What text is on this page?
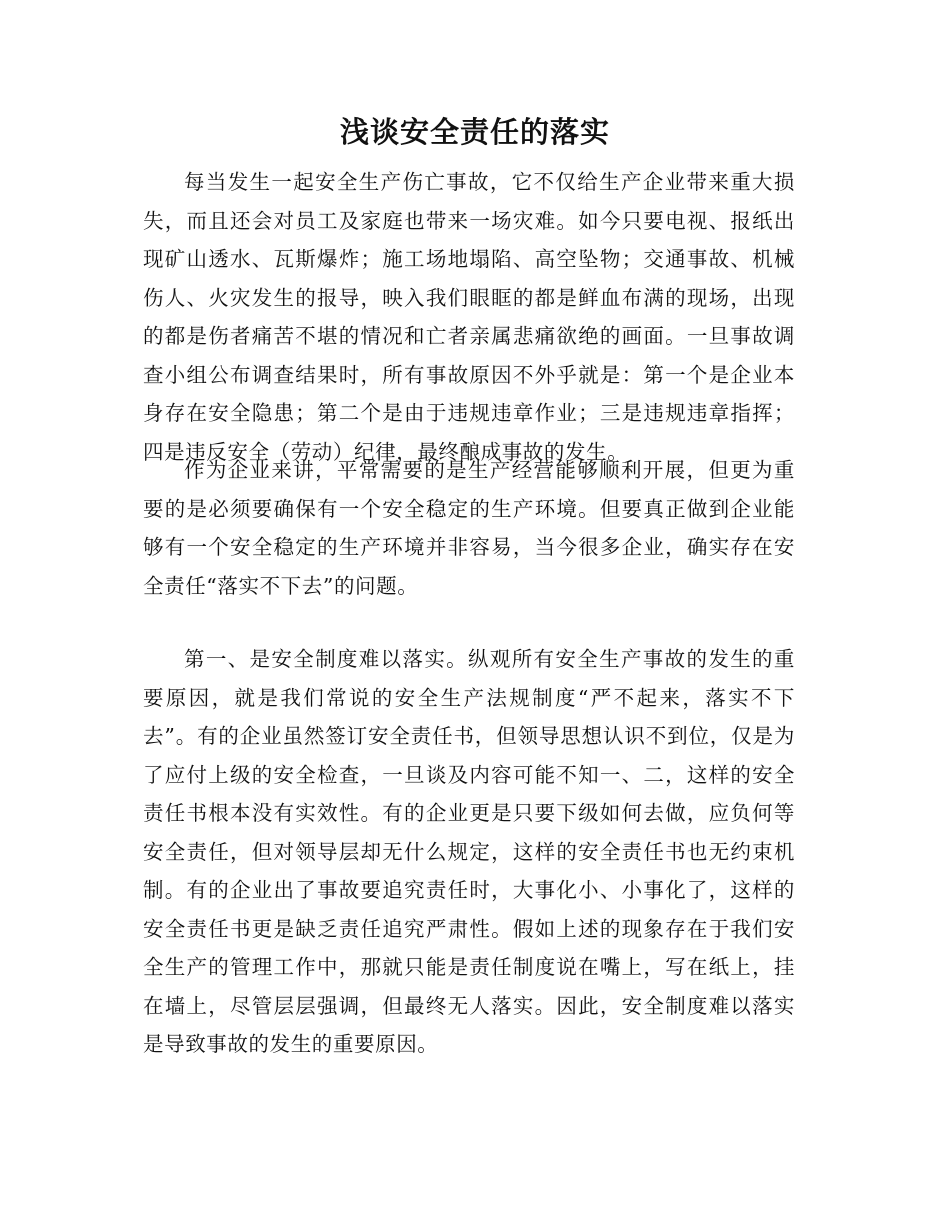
浅谈安全责任的落实

每当发生一起安全生产伤亡事故，它不仅给生产企业带来重大损失，而且还会对员工及家庭也带来一场灾难。如今只要电视、报纸出现矿山透水、瓦斯爆炸；施工场地塌陷、高空坠物；交通事故、机械伤人、火灾发生的报导，映入我们眼眶的都是鲜血布满的现场，出现的都是伤者痛苦不堪的情况和亡者亲属悲痛欲绝的画面。一旦事故调查小组公布调查结果时，所有事故原因不外乎就是：第一个是企业本身存在安全隐患；第二个是由于违规违章作业；三是违规违章指挥；四是违反安全（劳动）纪律，最终酿成事故的发生。

作为企业来讲，平常需要的是生产经营能够顺利开展，但更为重要的是必须要确保有一个安全稳定的生产环境。但要真正做到企业能够有一个安全稳定的生产环境并非容易，当今很多企业，确实存在安全责任“落实不下去”的问题。

第一、是安全制度难以落实。纵观所有安全生产事故的发生的重要原因，就是我们常说的安全生产法规制度“严不起来，落实不下去”。有的企业虽然签订安全责任书，但领导思想认识不到位，仅是为了应付上级的安全检查，一旦谈及内容可能不知一、二，这样的安全责任书根本没有实效性。有的企业更是只要下级如何去做，应负何等安全责任，但对领导层却无什么规定，这样的安全责任书也无约束机制。有的企业出了事故要追究责任时，大事化小、小事化了，这样的安全责任书更是缺乏责任追究严肃性。假如上述的现象存在于我们安全生产的管理工作中，那就只能是责任制度说在嘴上，写在纸上，挂在墙上，尽管层层强调，但最终无人落实。因此，安全制度难以落实是导致事故的发生的重要原因。
